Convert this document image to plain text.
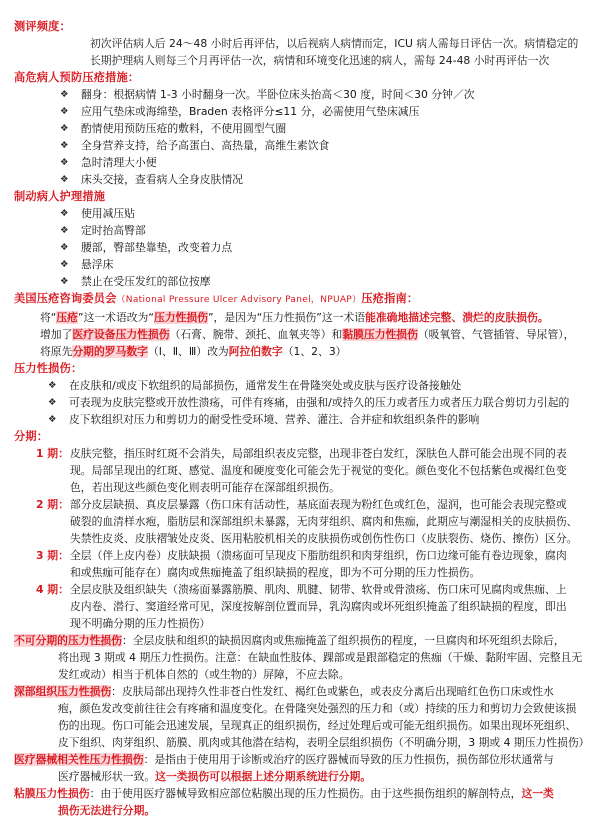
测评频度：
初次评估病人后 24～48 小时后再评估，以后视病人病情而定，ICU 病人需每日评估一次。病情稳定的
长期护理病人则每三个月再评估一次，病情和环境变化迅速的病人，需每 24-48 小时再评估一次
高危病人预防压疮措施：
❖ 翻身：根据病情 1-3 小时翻身一次。半卧位床头抬高＜30 度，时间＜30 分钟／次
❖ 应用气垫床或海绵垫，Braden 表格评分≤11 分，必需使用气垫床减压
❖ 酌情使用预防压疮的敷料，不使用圆型气圈
❖ 全身营养支持，给予高蛋白、高热量，高维生素饮食
❖ 急时清理大小便
❖ 床头交接，查看病人全身皮肤情况
制动病人护理措施
❖ 使用减压贴
❖ 定时抬高臀部
❖ 腰部，臀部垫靠垫，改变着力点
❖ 悬浮床
❖ 禁止在受压发红的部位按摩
美国压疮咨询委员会（National Pressure Ulcer Advisory Panel，NPUAP）压疮指南：
将“压疮”这一术语改为“压力性损伤”，是因为“压力性损伤”这一术语能准确地描述完整、溃烂的皮肤损伤。
增加了医疗设备压力性损伤（石膏、腕带、颈托、血氧夹等）和黏膜压力性损伤（吸氧管、气管插管、导尿管），
将原先分期的罗马数字（Ⅰ、Ⅱ、Ⅲ）改为阿拉伯数字（1、2、3）
压力性损伤：
❖ 在皮肤和/或皮下软组织的局部损伤，通常发生在骨隆突处或皮肤与医疗设备接触处
❖ 可表现为皮肤完整或开放性溃疡，可伴有疼痛，由强和/或持久的压力或者压力或者压力联合剪切力引起的
❖ 皮下软组织对压力和剪切力的耐受性受环境、营养、灌注、合并症和软组织条件的影响
分期：
1 期： 皮肤完整，指压时红斑不会消失，局部组织表皮完整，出现非苍白发红，深肤色人群可能会出现不同的表
现。局部呈现出的红斑、感觉、温度和硬度变化可能会先于视觉的变化。颜色变化不包括紫色或褐红色变
色，若出现这些颜色变化则表明可能存在深部组织损伤。
2 期： 部分皮层缺损、真皮层暴露（伤口床有活动性，基底面表现为粉红色或红色，湿润，也可能会表现完整或
破裂的血清样水疱，脂肪层和深部组织未暴露，无肉芽组织、腐肉和焦痂，此期应与潮湿相关的皮肤损伤、
失禁性皮炎、皮肤褶皱处皮炎、医用粘胶机相关的皮肤损伤或创伤性伤口（皮肤裂伤、烧伤、擦伤）区分。
3 期： 全层（伴上皮内卷）皮肤缺损（溃疡面可呈现皮下脂肪组织和肉芽组织，伤口边缘可能有卷边现象，腐肉
和或焦痂可能存在）腐肉或焦痂掩盖了组织缺损的程度，即为不可分期的压力性损伤。
4 期： 全层皮肤及组织缺失（溃疡面暴露筋膜、肌肉、肌腱、韧带、软骨或骨溃疡、伤口床可见腐肉或焦痂、上
皮内卷、潜行、窦道经常可见，深度按解剖位置而异，乳沟腐肉或坏死组织掩盖了组织缺损的程度，即出
现不明确分期的压力性损伤）
不可分期的压力性损伤：全层皮肤和组织的缺损因腐肉或焦痂掩盖了组织损伤的程度，一旦腐肉和坏死组织去除后，
将出现 3 期或 4 期压力性损伤。注意：在缺血性肢体、踝部或是跟部稳定的焦痂（干燥、黏附牢固、完整且无
发红或动）相当于机体自然的（或生物的）屏障，不应去除。
深部组织压力性损伤：皮肤局部出现持久性非苍白性发红、褐红色或紫色，或表皮分离后出现暗红色伤口床或性水
疱，颜色发改变前往往会有疼痛和温度变化。在骨隆突处强烈的压力和（或）持续的压力和剪切力会致使该损
伤的出现。伤口可能会迅速发展，呈现真正的组织损伤，经过处理后或可能无组织损伤。如果出现坏死组织、
皮下组织、肉芽组织、筋膜、肌肉或其他潜在结构，表明全层组织损伤（不明确分期，3 期或 4 期压力性损伤）
医疗器械相关性压力性损伤：是指由于使用用于诊断或治疗的医疗器械而导致的压力性损伤，损伤部位形状通常与
医疗器械形状一致。这一类损伤可以根据上述分期系统进行分期。
粘膜压力性损伤：由于使用医疗器械导致相应部位粘膜出现的压力性损伤。由于这些损伤组织的解剖特点，这一类
损伤无法进行分期。
